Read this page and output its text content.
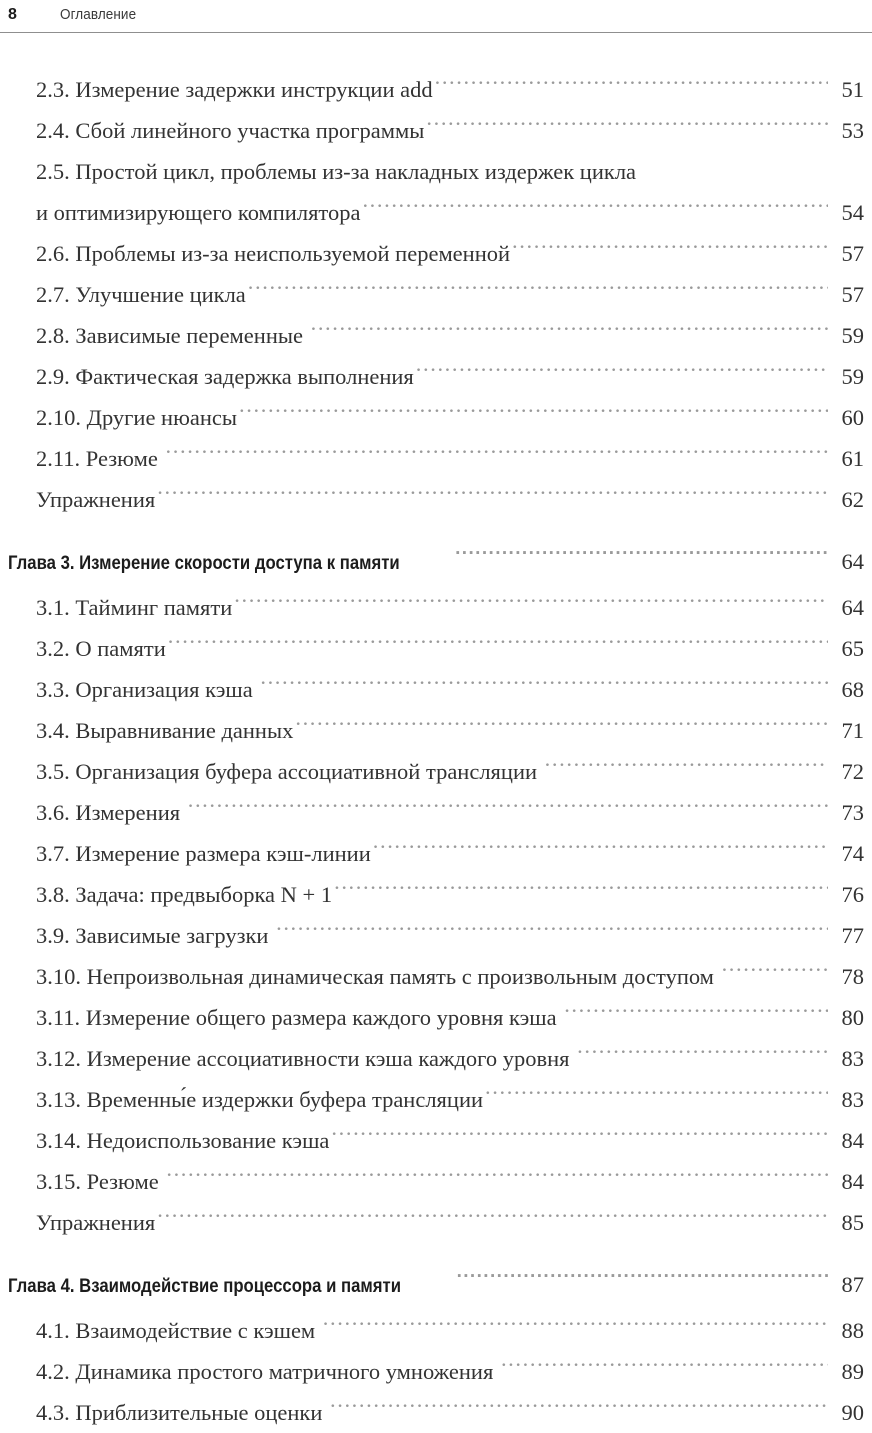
8	Оглавление
2.3. Измерение задержки инструкции add .....	51
2.4. Сбой линейного участка программы .....	53
2.5. Простой цикл, проблемы из-за накладных издержек цикла
и оптимизирующего компилятора .....	54
2.6. Проблемы из-за неиспользуемой переменной .....	57
2.7. Улучшение цикла .....	57
2.8. Зависимые переменные .....	59
2.9. Фактическая задержка выполнения .....	59
2.10. Другие нюансы .....	60
2.11. Резюме .....	61
Упражнения .....	62
Глава 3. Измерение скорости доступа к памяти .....	64
3.1. Тайминг памяти .....	64
3.2. О памяти .....	65
3.3. Организация кэша .....	68
3.4. Выравнивание данных .....	71
3.5. Организация буфера ассоциативной трансляции .....	72
3.6. Измерения .....	73
3.7. Измерение размера кэш-линии .....	74
3.8. Задача: предвыборка N + 1 .....	76
3.9. Зависимые загрузки .....	77
3.10. Непроизвольная динамическая память с произвольным доступом .....	78
3.11. Измерение общего размера каждого уровня кэша .....	80
3.12. Измерение ассоциативности кэша каждого уровня .....	83
3.13. Временны́е издержки буфера трансляции .....	83
3.14. Недоиспользование кэша .....	84
3.15. Резюме .....	84
Упражнения .....	85
Глава 4. Взаимодействие процессора и памяти .....	87
4.1. Взаимодействие с кэшем .....	88
4.2. Динамика простого матричного умножения .....	89
4.3. Приблизительные оценки .....	90
